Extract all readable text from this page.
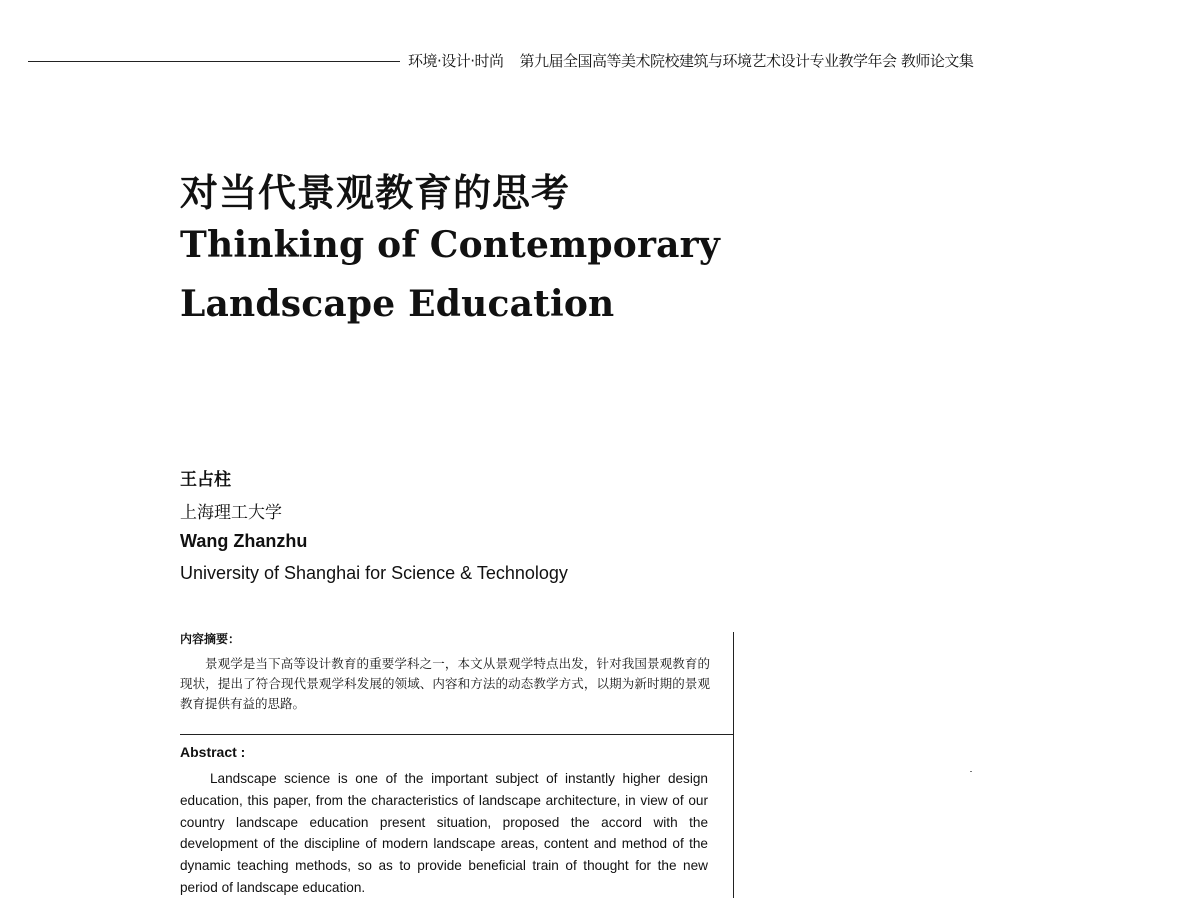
环境·设计·时尚 第九届全国高等美术院校建筑与环境艺术设计专业教学年会 教师论文集
对当代景观教育的思考
Thinking of Contemporary
Landscape Education
王占柱
上海理工大学
Wang Zhanzhu
University of Shanghai for Science & Technology
内容摘要：
景观学是当下高等设计教育的重要学科之一，本文从景观学特点出发，针对我国景观教育的现状，提出了符合现代景观学科发展的领域、内容和方法的动态教学方式，以期为新时期的景观教育提供有益的思路。
Abstract :
Landscape science is one of the important subject of instantly higher design education, this paper, from the characteristics of landscape architecture, in view of our country landscape education present situation, proposed the accord with the development of the discipline of modern landscape areas, content and method of the dynamic teaching methods, so as to provide beneficial train of thought for the new period of landscape education.
